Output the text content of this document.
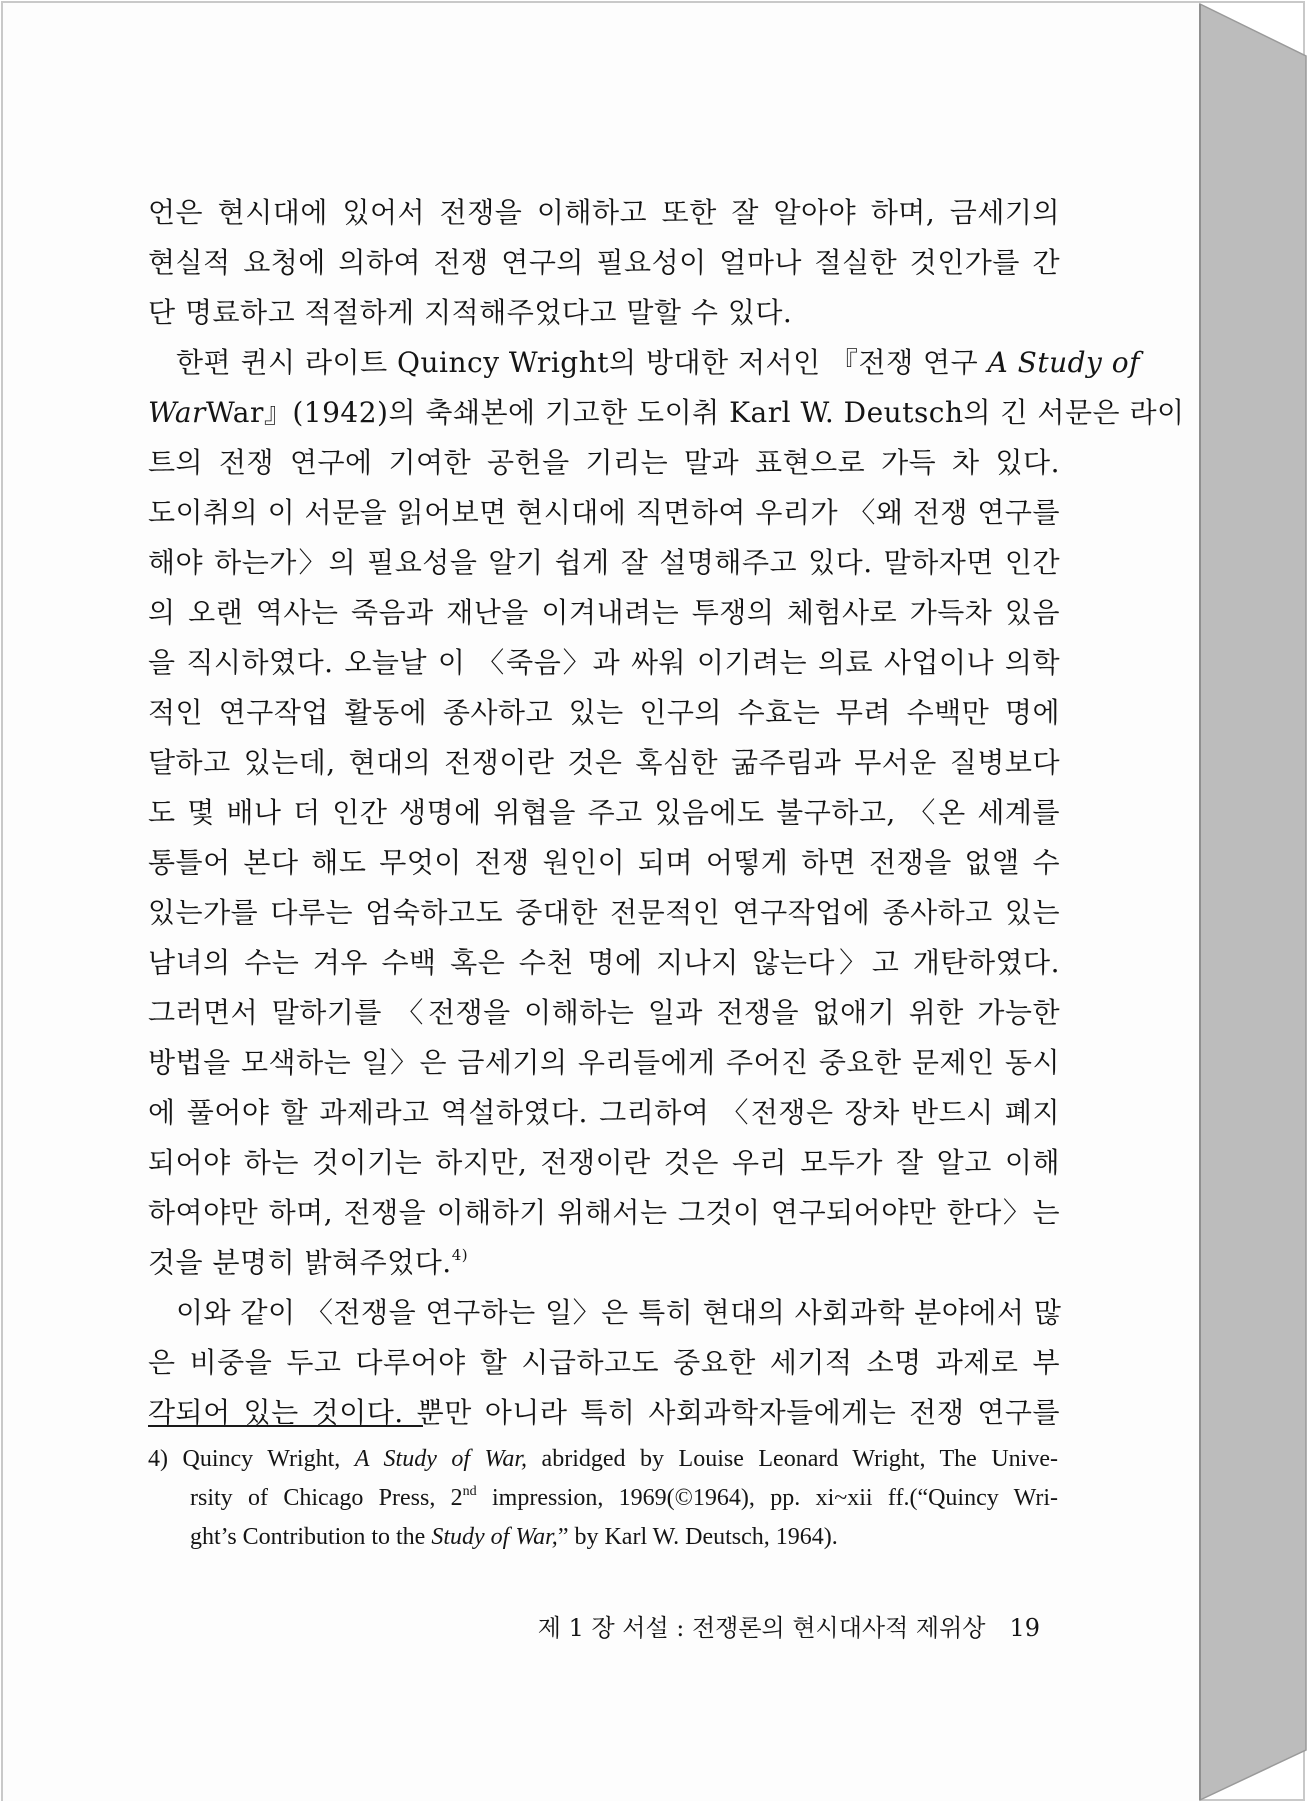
언은 현시대에 있어서 전쟁을 이해하고 또한 잘 알아야 하며, 금세기의
현실적 요청에 의하여 전쟁 연구의 필요성이 얼마나 절실한 것인가를 간
단 명료하고 적절하게 지적해주었다고 말할 수 있다.
한편 퀸시 라이트 Quincy Wright의 방대한 저서인 『전쟁 연구 A Study of
WarWar』(1942)의 축쇄본에 기고한 도이취 Karl W. Deutsch의 긴 서문은 라이
트의 전쟁 연구에 기여한 공헌을 기리는 말과 표현으로 가득 차 있다.
도이취의 이 서문을 읽어보면 현시대에 직면하여 우리가 〈왜 전쟁 연구를
해야 하는가〉의 필요성을 알기 쉽게 잘 설명해주고 있다. 말하자면 인간
의 오랜 역사는 죽음과 재난을 이겨내려는 투쟁의 체험사로 가득차 있음
을 직시하였다. 오늘날 이 〈죽음〉과 싸워 이기려는 의료 사업이나 의학
적인 연구작업 활동에 종사하고 있는 인구의 수효는 무려 수백만 명에
달하고 있는데, 현대의 전쟁이란 것은 혹심한 굶주림과 무서운 질병보다
도 몇 배나 더 인간 생명에 위협을 주고 있음에도 불구하고, 〈온 세계를
통틀어 본다 해도 무엇이 전쟁 원인이 되며 어떻게 하면 전쟁을 없앨 수
있는가를 다루는 엄숙하고도 중대한 전문적인 연구작업에 종사하고 있는
남녀의 수는 겨우 수백 혹은 수천 명에 지나지 않는다〉고 개탄하였다.
그러면서 말하기를 〈전쟁을 이해하는 일과 전쟁을 없애기 위한 가능한
방법을 모색하는 일〉은 금세기의 우리들에게 주어진 중요한 문제인 동시
에 풀어야 할 과제라고 역설하였다. 그리하여 〈전쟁은 장차 반드시 폐지
되어야 하는 것이기는 하지만, 전쟁이란 것은 우리 모두가 잘 알고 이해
하여야만 하며, 전쟁을 이해하기 위해서는 그것이 연구되어야만 한다〉는
것을 분명히 밝혀주었다.$^{4)}$
이와 같이 〈전쟁을 연구하는 일〉은 특히 현대의 사회과학 분야에서 많
은 비중을 두고 다루어야 할 시급하고도 중요한 세기적 소명 과제로 부
각되어 있는 것이다. 뿐만 아니라 특히 사회과학자들에게는 전쟁 연구를
4) Quincy Wright, A Study of War, abridged by Louise Leonard Wright, The Unive-
rsity of Chicago Press, 2nd impression, 1969(©1964), pp. xi~xii ff.(“Quincy Wri-
ght’s Contribution to the Study of War,” by Karl W. Deutsch, 1964).
제 1 장 서설 : 전쟁론의 현시대사적 제위상 19
